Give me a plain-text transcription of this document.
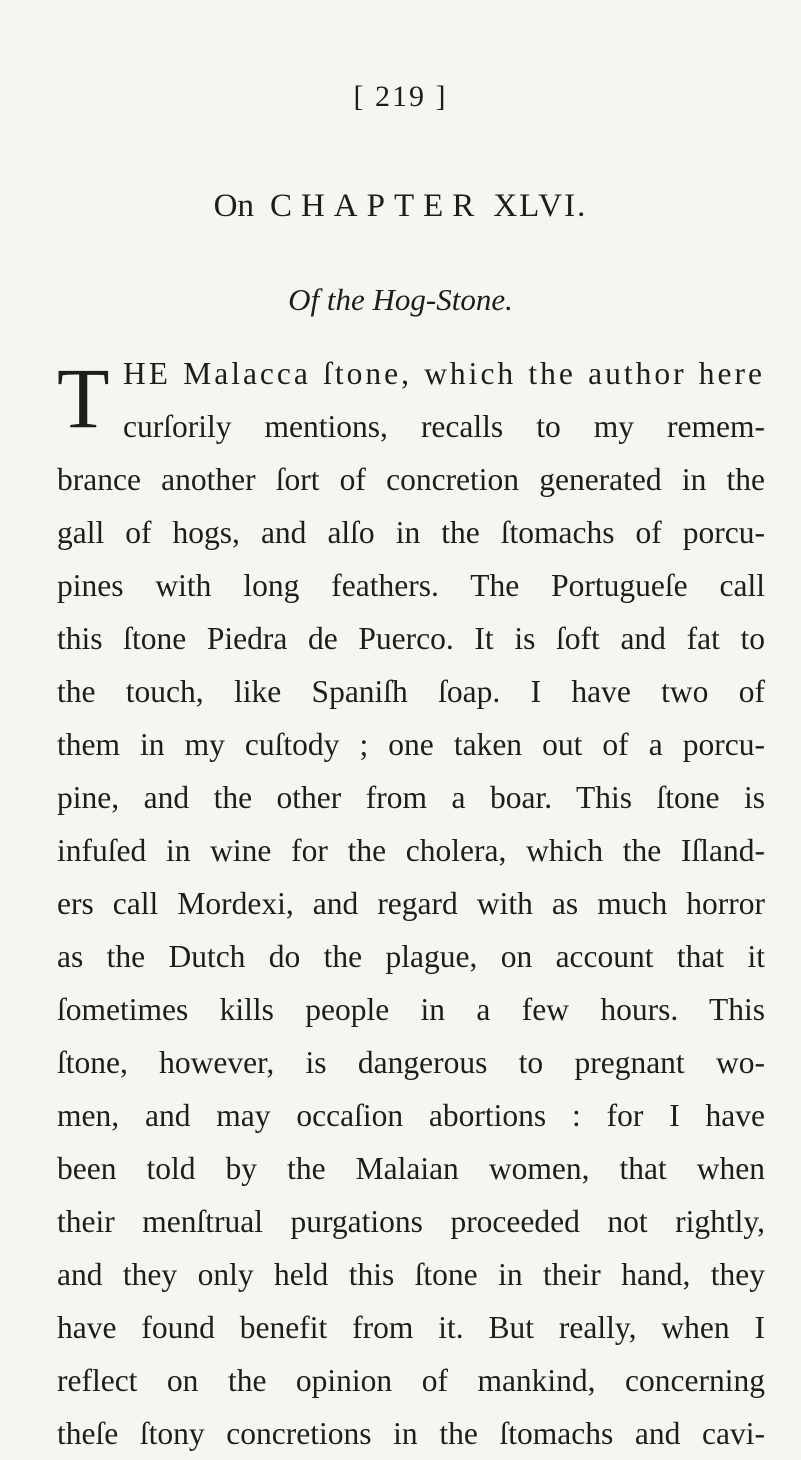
[ 219 ]
On CHAPTER XLVI.
Of the Hog-Stone.
T HE Malacca ſtone, which the author here
curſorily mentions, recalls to my remem-
brance another ſort of concretion generated in the
gall of hogs, and alſo in the ſtomachs of porcu-
pines with long feathers. The Portugueſe call
this ſtone Piedra de Puerco. It is ſoft and fat to
the touch, like Spaniſh ſoap. I have two of
them in my cuſtody ; one taken out of a porcu-
pine, and the other from a boar. This ſtone is
infuſed in wine for the cholera, which the Iſland-
ers call Mordexi, and regard with as much horror
as the Dutch do the plague, on account that it
ſometimes kills people in a few hours. This
ſtone, however, is dangerous to pregnant wo-
men, and may occaſion abortions : for I have
been told by the Malaian women, that when
their menſtrual purgations proceeded not rightly,
and they only held this ſtone in their hand, they
have found benefit from it. But really, when I
reflect on the opinion of mankind, concerning
theſe ſtony concretions in the ſtomachs and cavi-
